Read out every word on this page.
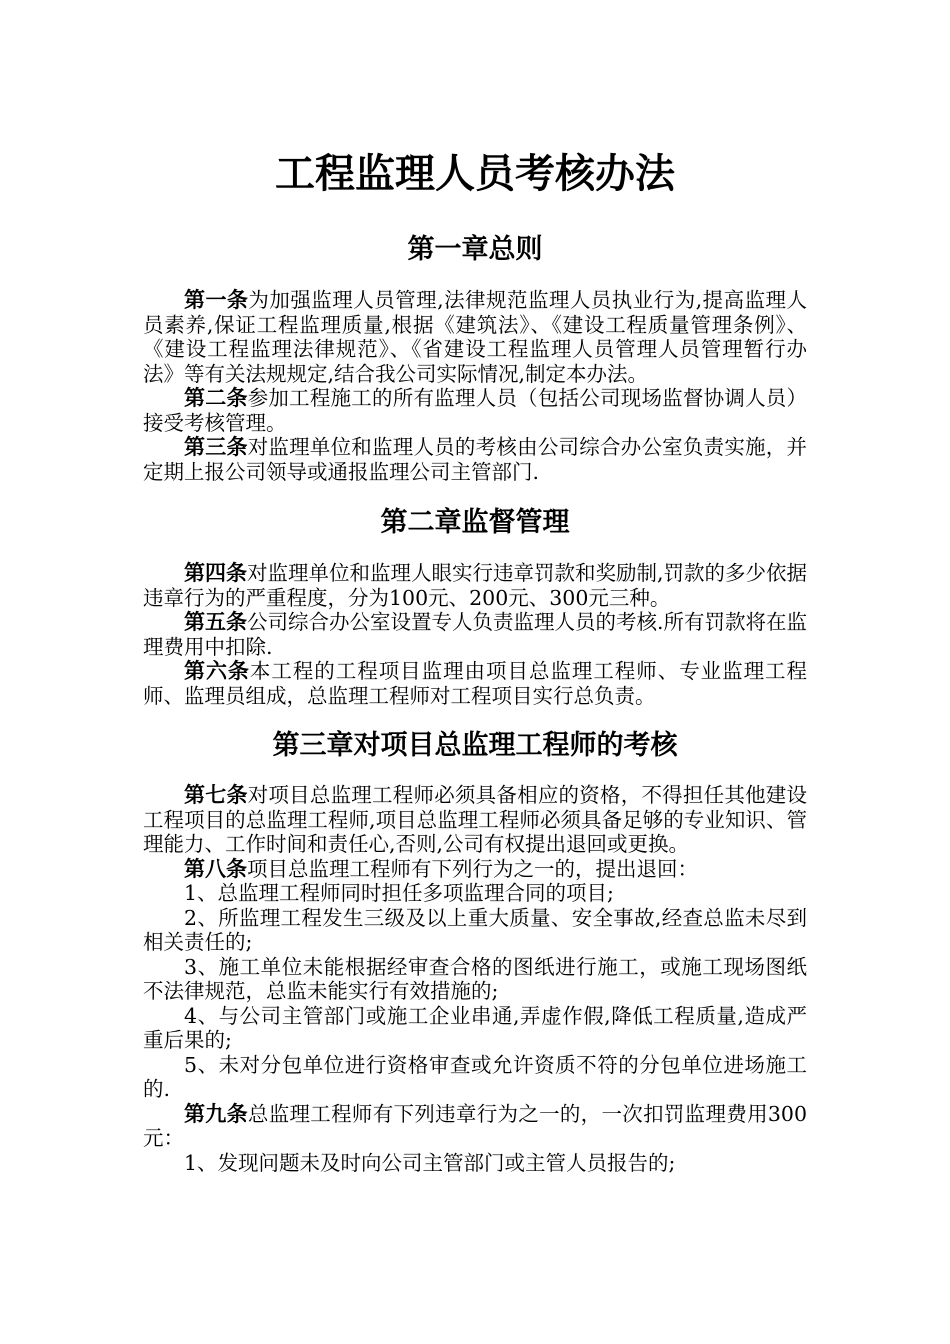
工程监理人员考核办法
第一章总则

第一条为加强监理人员管理,法律规范监理人员执业行为,提高监理人员素养,保证工程监理质量,根据《建筑法》、《建设工程质量管理条例》、《建设工程监理法律规范》、《省建设工程监理人员管理人员管理暂行办法》等有关法规规定,结合我公司实际情况,制定本办法。

第二条参加工程施工的所有监理人员（包括公司现场监督协调人员）接受考核管理。

第三条对监理单位和监理人员的考核由公司综合办公室负责实施，并定期上报公司领导或通报监理公司主管部门.

第二章监督管理

第四条对监理单位和监理人眼实行违章罚款和奖励制,罚款的多少依据违章行为的严重程度，分为100元、200元、300元三种。

第五条公司综合办公室设置专人负责监理人员的考核.所有罚款将在监理费用中扣除.

第六条本工程的工程项目监理由项目总监理工程师、专业监理工程师、监理员组成，总监理工程师对工程项目实行总负责。

第三章对项目总监理工程师的考核

第七条对项目总监理工程师必须具备相应的资格，不得担任其他建设工程项目的总监理工程师,项目总监理工程师必须具备足够的专业知识、管理能力、工作时间和责任心,否则,公司有权提出退回或更换。

第八条项目总监理工程师有下列行为之一的，提出退回：

1、总监理工程师同时担任多项监理合同的项目;

2、所监理工程发生三级及以上重大质量、安全事故,经查总监未尽到相关责任的;

3、施工单位未能根据经审查合格的图纸进行施工，或施工现场图纸不法律规范，总监未能实行有效措施的;

4、与公司主管部门或施工企业串通,弄虚作假,降低工程质量,造成严重后果的;

5、未对分包单位进行资格审查或允许资质不符的分包单位进场施工的.

第九条总监理工程师有下列违章行为之一的，一次扣罚监理费用300元：

1、发现问题未及时向公司主管部门或主管人员报告的;
